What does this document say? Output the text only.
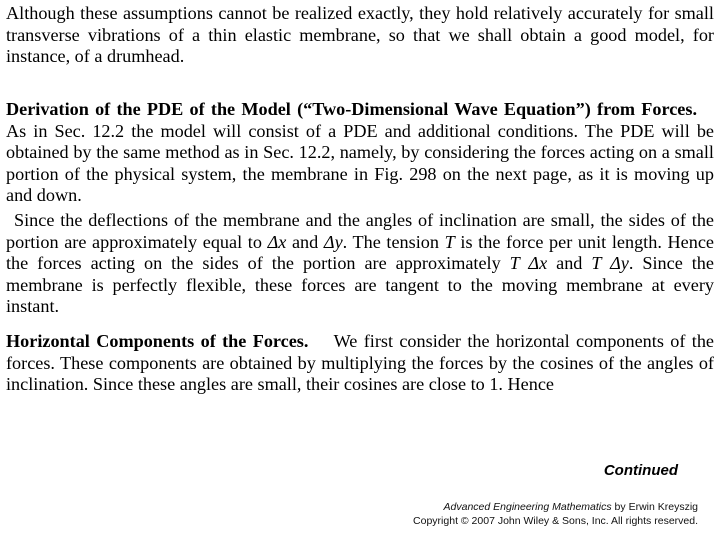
Although these assumptions cannot be realized exactly, they hold relatively accurately for small transverse vibrations of a thin elastic membrane, so that we shall obtain a good model, for instance, of a drumhead.

Derivation of the PDE of the Model (“Two-Dimensional Wave Equation”) from Forces.    As in Sec. 12.2 the model will consist of a PDE and additional conditions. The PDE will be obtained by the same method as in Sec. 12.2, namely, by considering the forces acting on a small portion of the physical system, the membrane in Fig. 298 on the next page, as it is moving up and down.

Since the deflections of the membrane and the angles of inclination are small, the sides of the portion are approximately equal to Δx and Δy. The tension T is the force per unit length. Hence the forces acting on the sides of the portion are approximately T Δx and T Δy. Since the membrane is perfectly flexible, these forces are tangent to the moving membrane at every instant.

Horizontal Components of the Forces. We first consider the horizontal components of the forces. These components are obtained by multiplying the forces by the cosines of the angles of inclination. Since these angles are small, their cosines are close to 1. Hence

Continued
Advanced Engineering Mathematics by Erwin Kreyszig
Copyright © 2007 John Wiley & Sons, Inc. All rights reserved.
